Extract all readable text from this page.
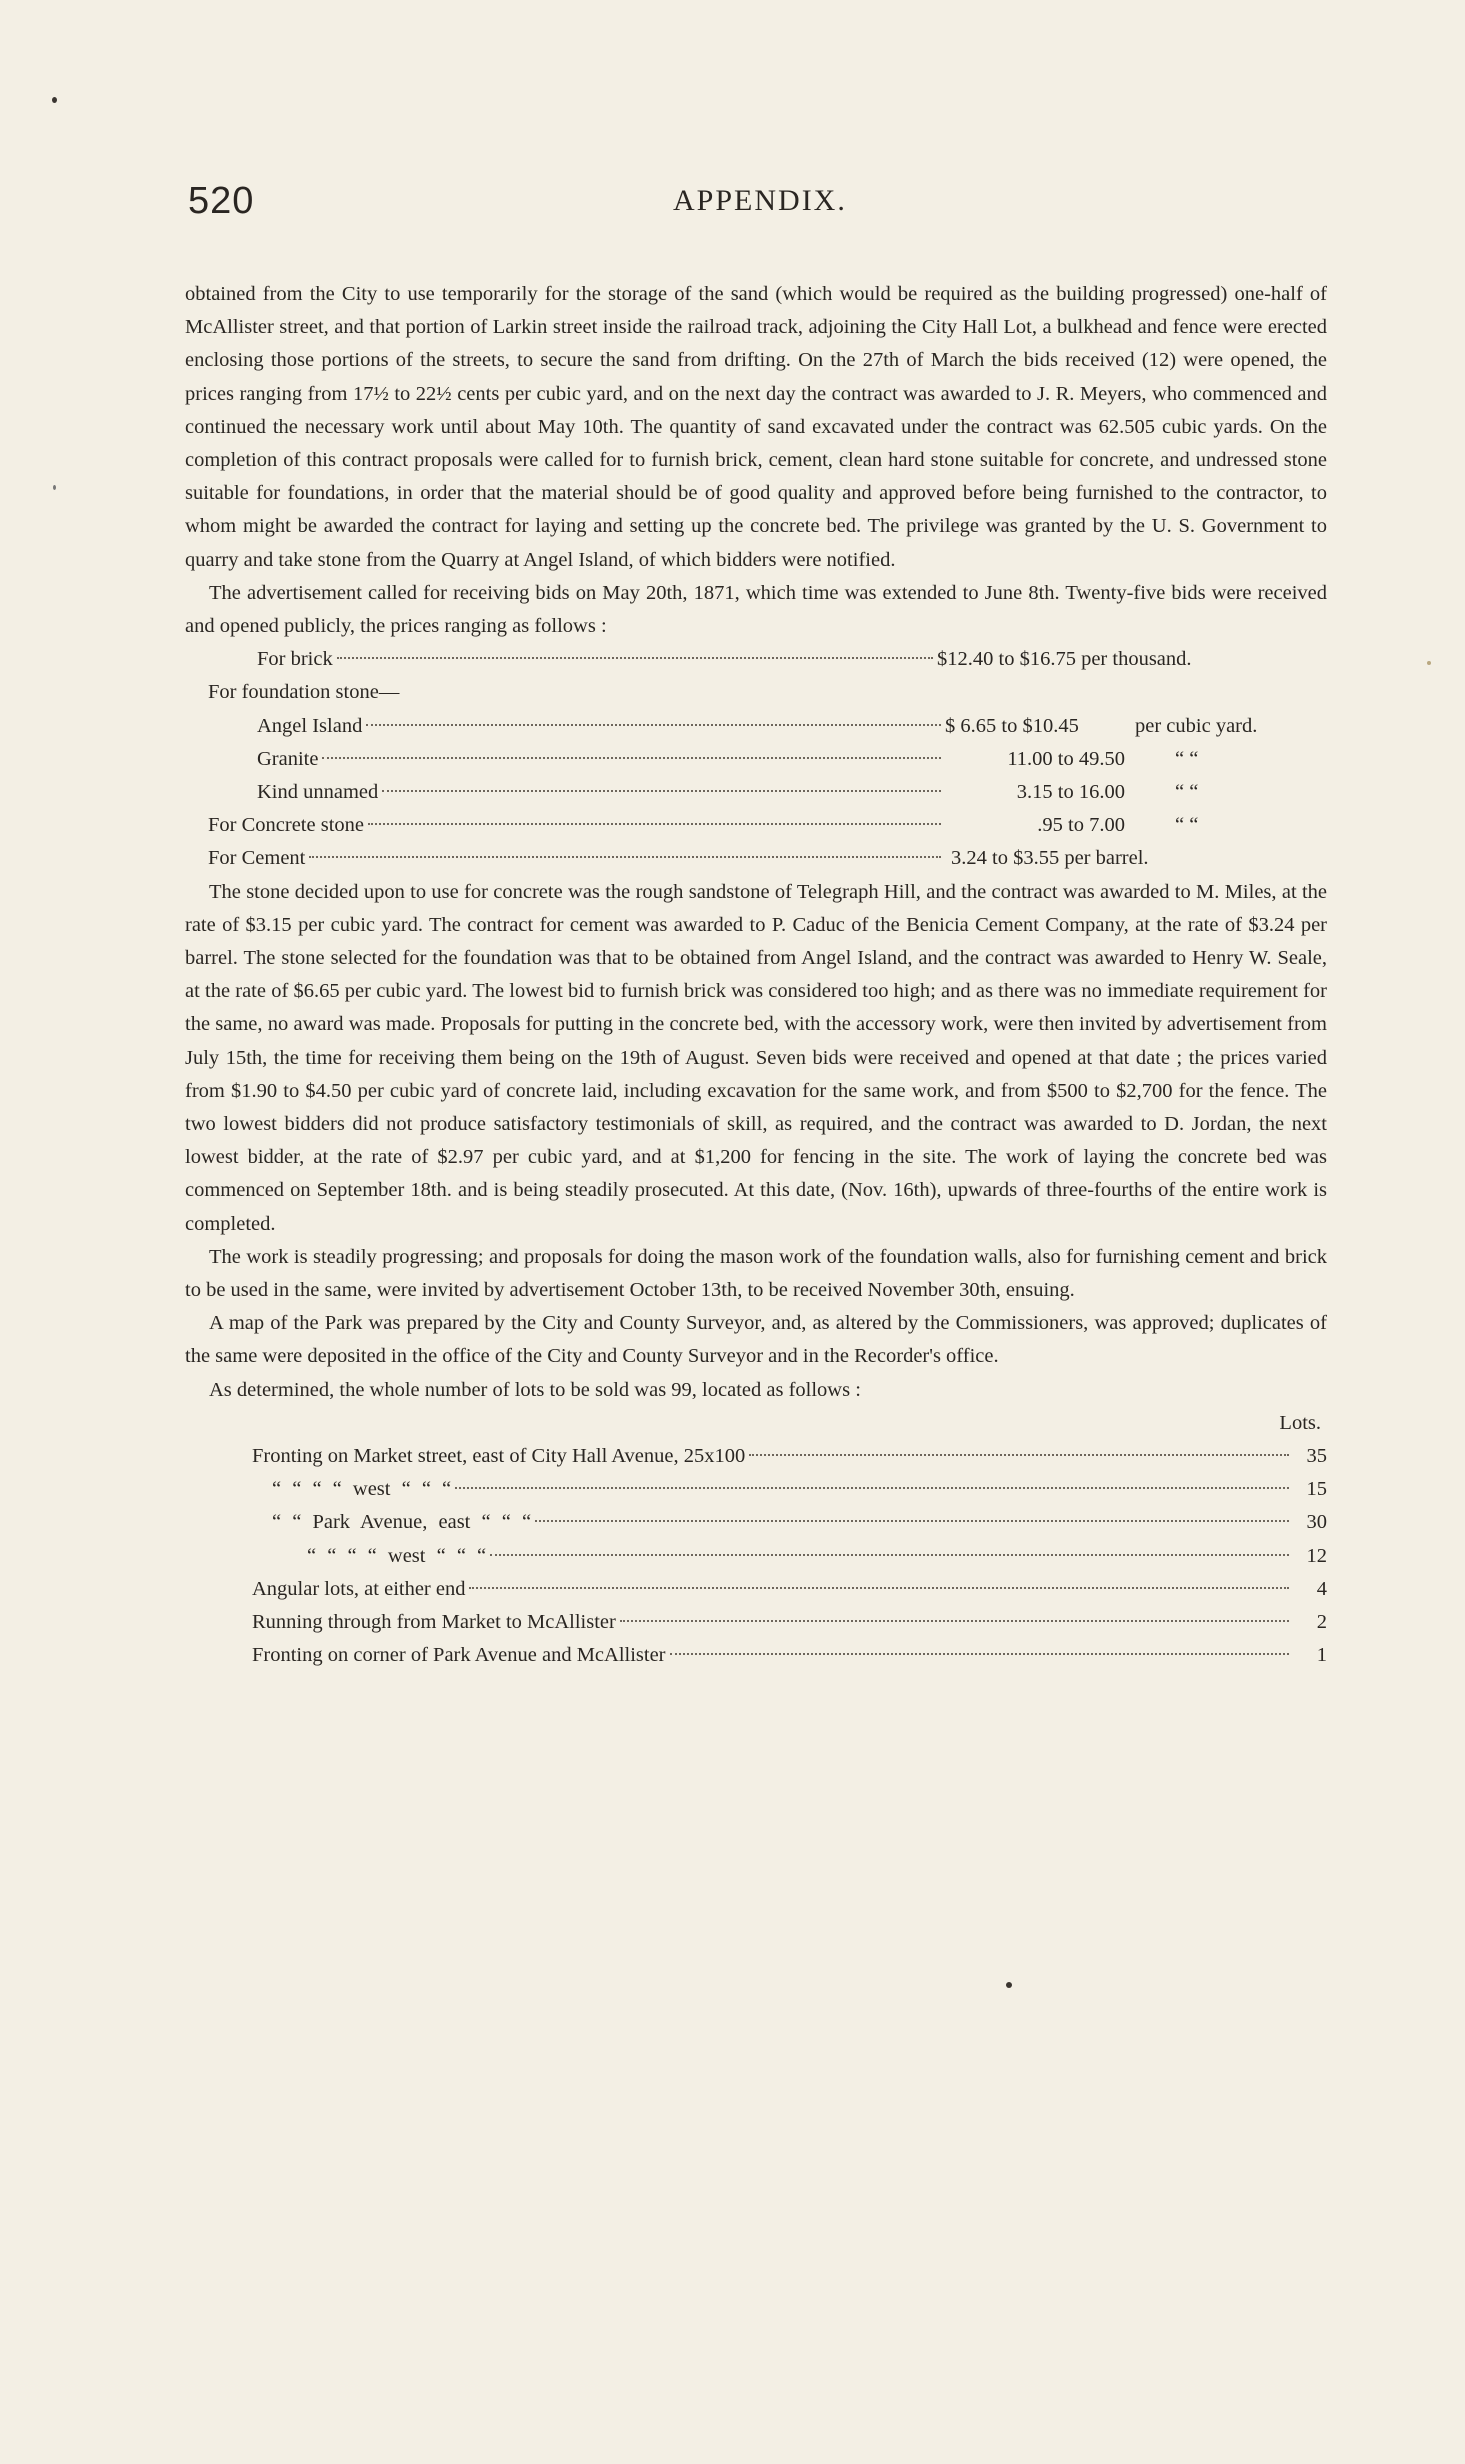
520	APPENDIX.

obtained from the City to use temporarily for the storage of the sand (which would be required as the building progressed) one-half of McAllister street, and that portion of Larkin street inside the railroad track, adjoining the City Hall Lot, a bulkhead and fence were erected enclosing those portions of the streets, to secure the sand from drifting. On the 27th of March the bids received (12) were opened, the prices ranging from 17½ to 22½ cents per cubic yard, and on the next day the contract was awarded to J. R. Meyers, who commenced and continued the necessary work until about May 10th. The quantity of sand excavated under the contract was 62.505 cubic yards. On the completion of this contract proposals were called for to furnish brick, cement, clean hard stone suitable for concrete, and undressed stone suitable for foundations, in order that the material should be of good quality and approved before being furnished to the contractor, to whom might be awarded the contract for laying and setting up the concrete bed. The privilege was granted by the U. S. Government to quarry and take stone from the Quarry at Angel Island, of which bidders were notified.

The advertisement called for receiving bids on May 20th, 1871, which time was extended to June 8th. Twenty-five bids were received and opened publicly, the prices ranging as follows :

For brick	$12.40 to $16.75 per thousand.
For foundation stone—
Angel Island	$ 6.65 to $10.45	per cubic yard.
Granite	11.00 to 49.50	“ “
Kind unnamed	3.15 to 16.00	“ “
For Concrete stone	.95 to 7.00	“ “
For Cement	3.24 to $3.55 per barrel.

The stone decided upon to use for concrete was the rough sandstone of Telegraph Hill, and the contract was awarded to M. Miles, at the rate of $3.15 per cubic yard. The contract for cement was awarded to P. Caduc of the Benicia Cement Company, at the rate of $3.24 per barrel. The stone selected for the foundation was that to be obtained from Angel Island, and the contract was awarded to Henry W. Seale, at the rate of $6.65 per cubic yard. The lowest bid to furnish brick was considered too high; and as there was no immediate requirement for the same, no award was made. Proposals for putting in the concrete bed, with the accessory work, were then invited by advertisement from July 15th, the time for receiving them being on the 19th of August. Seven bids were received and opened at that date ; the prices varied from $1.90 to $4.50 per cubic yard of concrete laid, including excavation for the same work, and from $500 to $2,700 for the fence. The two lowest bidders did not produce satisfactory testimonials of skill, as required, and the contract was awarded to D. Jordan, the next lowest bidder, at the rate of $2.97 per cubic yard, and at $1,200 for fencing in the site. The work of laying the concrete bed was commenced on September 18th. and is being steadily prosecuted. At this date, (Nov. 16th), upwards of three-fourths of the entire work is completed.

The work is steadily progressing; and proposals for doing the mason work of the foundation walls, also for furnishing cement and brick to be used in the same, were invited by advertisement October 13th, to be received November 30th, ensuing.

A map of the Park was prepared by the City and County Surveyor, and, as altered by the Commissioners, was approved; duplicates of the same were deposited in the office of the City and County Surveyor and in the Recorder's office.

As determined, the whole number of lots to be sold was 99, located as follows :

Lots.
Fronting on Market street, east of City Hall Avenue, 25x100	35
“ “ “ “ west “ “ “	15
“ “ Park Avenue, east “ “ “	30
“ “ “ “ west “ “ “	12
Angular lots, at either end	4
Running through from Market to McAllister	2
Fronting on corner of Park Avenue and McAllister	1
